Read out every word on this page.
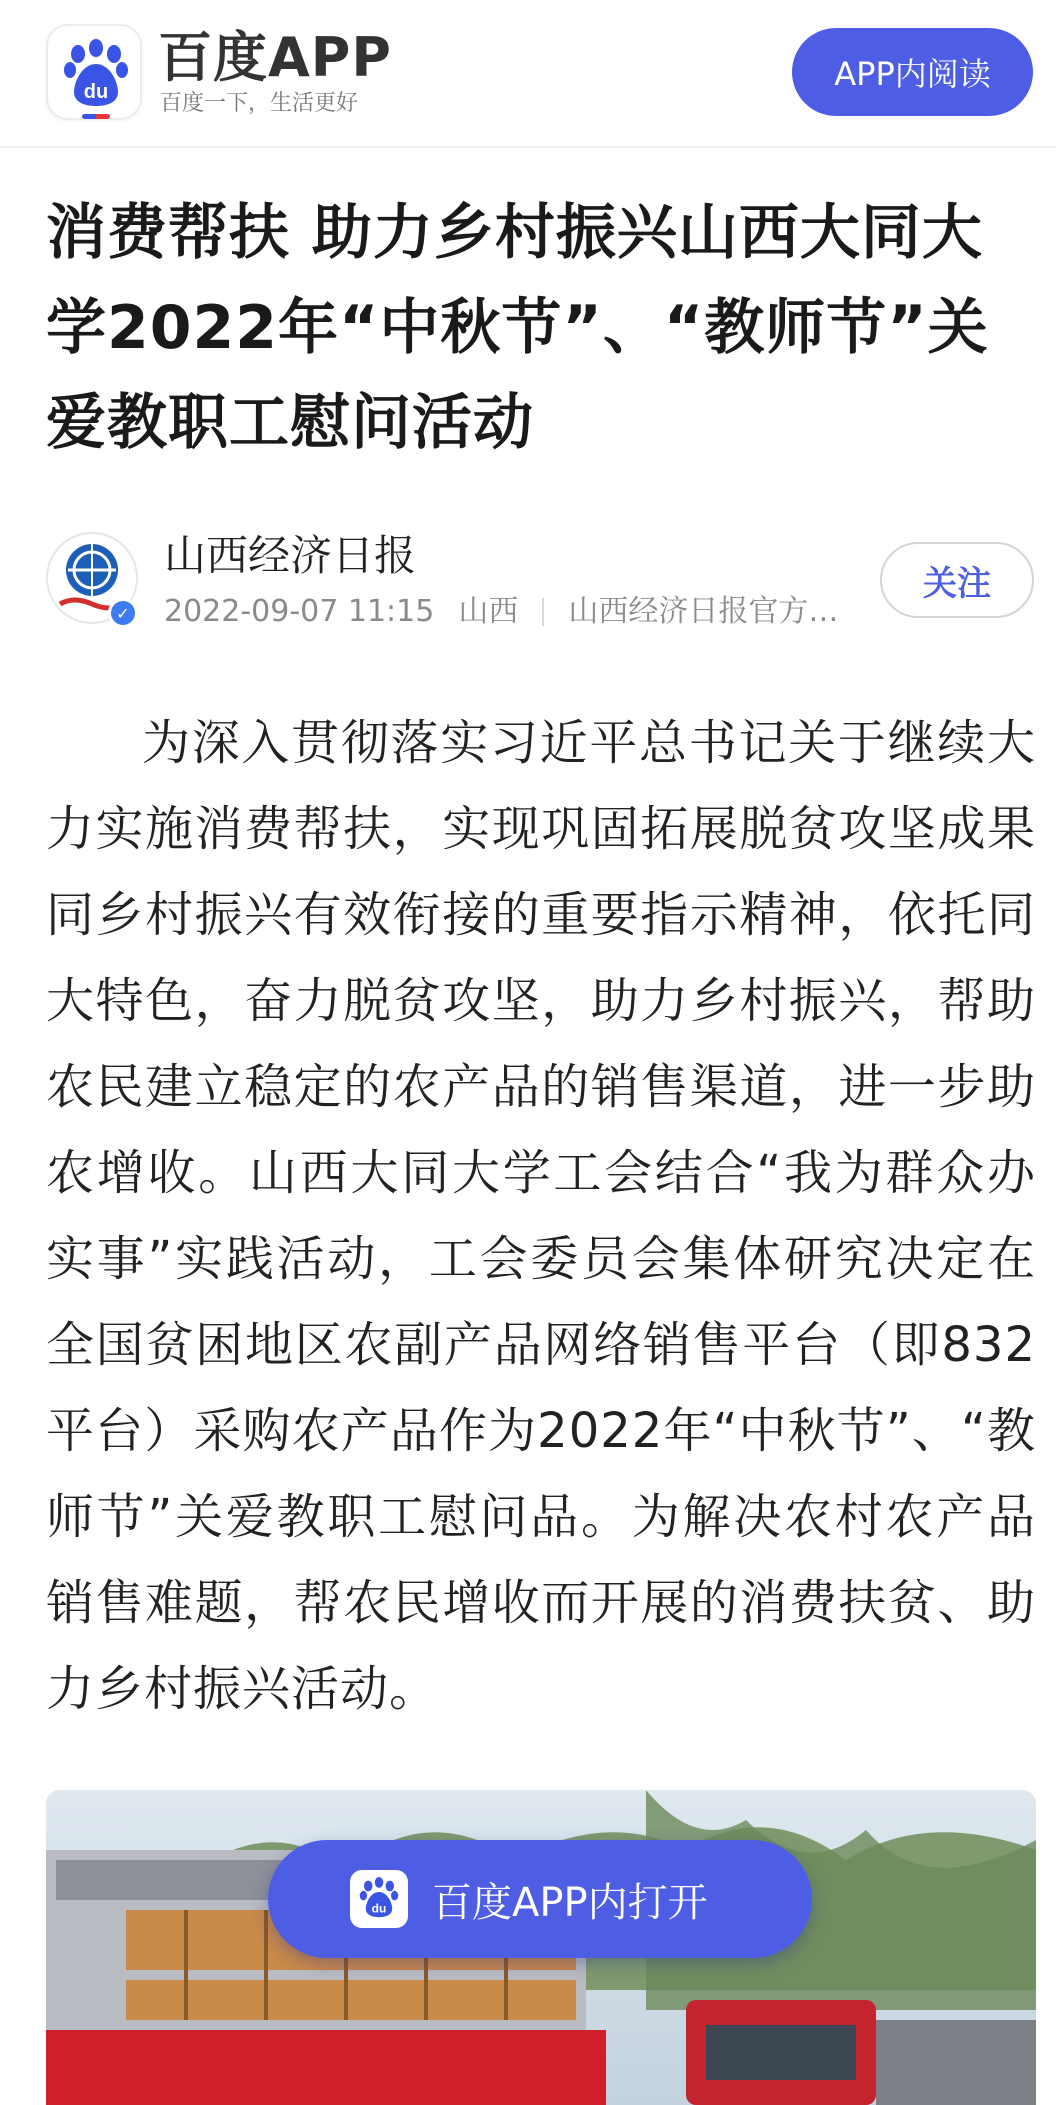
du
百度APP
百度一下，生活更好
APP内阅读
消费帮扶 助力乡村振兴山西大同大学2022年“中秋节”、“教师节”关爱教职工慰问活动
✓
山西经济日报
2022-09-07 11:15 山西 山西经济日报官方…
关注

为深入贯彻落实习近平总书记关于继续大力实施消费帮扶，实现巩固拓展脱贫攻坚成果同乡村振兴有效衔接的重要指示精神，依托同大特色，奋力脱贫攻坚，助力乡村振兴，帮助农民建立稳定的农产品的销售渠道，进一步助农增收。山西大同大学工会结合“我为群众办实事”实践活动，工会委员会集体研究决定在全国贫困地区农副产品网络销售平台（即832平台）采购农产品作为2022年“中秋节”、“教师节”关爱教职工慰问品。为解决农村农产品销售难题，帮农民增收而开展的消费扶贫、助力乡村振兴活动。

du 百度APP内打开
